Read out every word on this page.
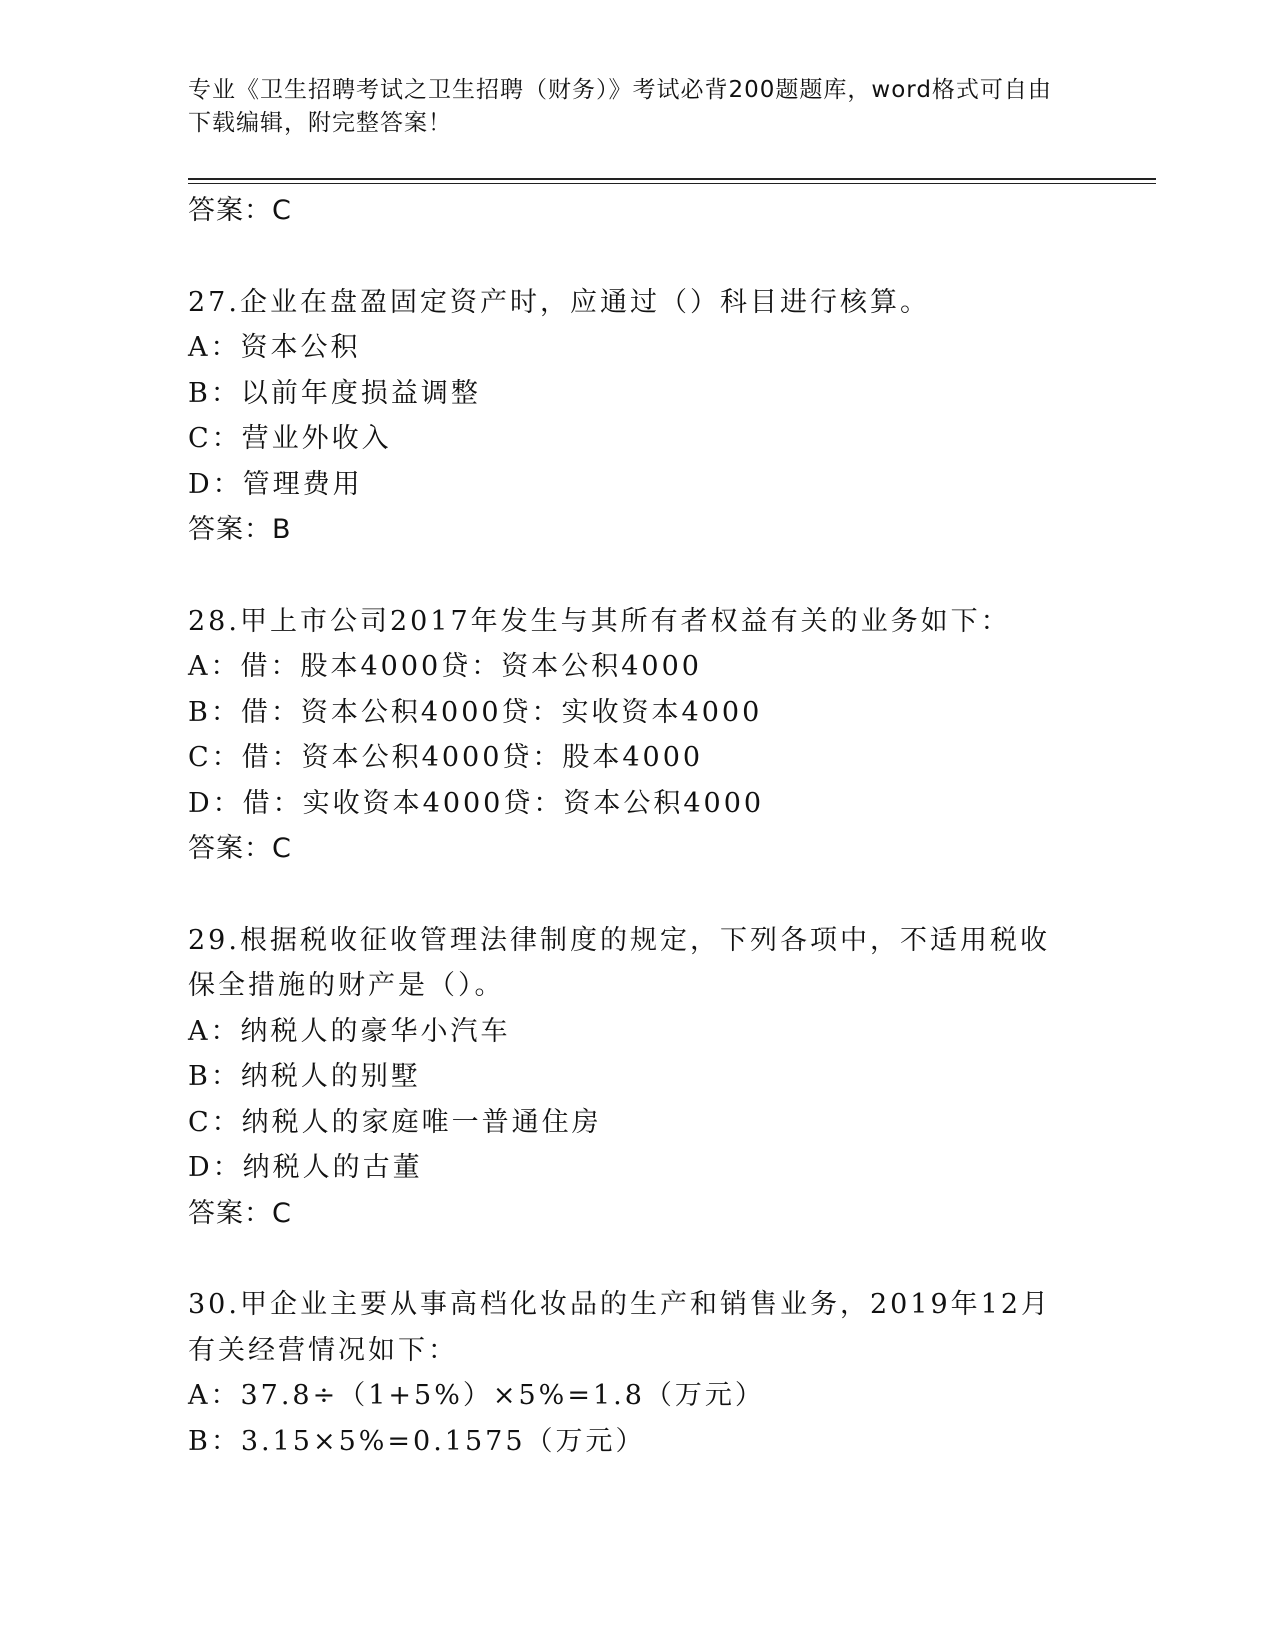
专业《卫生招聘考试之卫生招聘（财务）》考试必背200题题库，word格式可自由下载编辑，附完整答案！
答案：C
27.企业在盘盈固定资产时，应通过（）科目进行核算。
A：资本公积
B：以前年度损益调整
C：营业外收入
D：管理费用
答案：B
28.甲上市公司2017年发生与其所有者权益有关的业务如下：
A：借：股本4000贷：资本公积4000
B：借：资本公积4000贷：实收资本4000
C：借：资本公积4000贷：股本4000
D：借：实收资本4000贷：资本公积4000
答案：C
29.根据税收征收管理法律制度的规定，下列各项中，不适用税收保全措施的财产是（）。
A：纳税人的豪华小汽车
B：纳税人的别墅
C：纳税人的家庭唯一普通住房
D：纳税人的古董
答案：C
30.甲企业主要从事高档化妆品的生产和销售业务，2019年12月有关经营情况如下：
A：37.8÷（1+5%）×5%=1.8（万元）
B：3.15×5%=0.1575（万元）
